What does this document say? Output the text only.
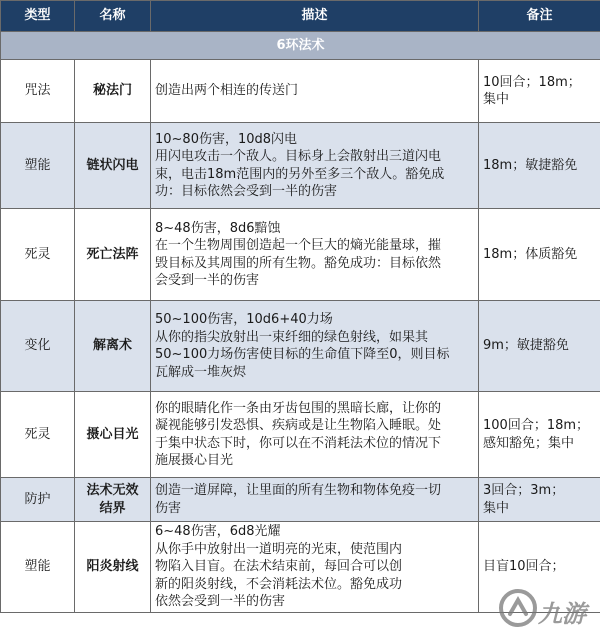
类型	名称	描述	备注
6环法术			
咒法	秘法门	创造出两个相连的传送门	10回合；18m；
集中

塑能	链状闪电	10~80伤害，10d8闪电
用闪电攻击一个敌人。目标身上会散射出三道闪电
束，电击18m范围内的另外至多三个敌人。豁免成
功：目标依然会受到一半的伤害	18m；敏捷豁免

死灵	死亡法阵	8~48伤害，8d6黯蚀
在一个生物周围创造起一个巨大的熵光能量球，摧
毁目标及其周围的所有生物。豁免成功：目标依然
会受到一半的伤害	18m；体质豁免

变化	解离术	50~100伤害，10d6+40力场
从你的指尖放射出一束纤细的绿色射线，如果其
50~100力场伤害使目标的生命值下降至0，则目标
瓦解成一堆灰烬	9m；敏捷豁免

死灵	摄心目光	你的眼睛化作一条由牙齿包围的黑暗长廊，让你的
凝视能够引发恐惧、疾病或是让生物陷入睡眠。处
于集中状态下时，你可以在不消耗法术位的情况下
施展摄心目光	100回合；18m；
感知豁免；集中

防护	法术无效
结界	创造一道屏障，让里面的所有生物和物体免疫一切
伤害	3回合；3m；
集中

塑能	阳炎射线	6~48伤害，6d8光耀
从你手中放射出一道明亮的光束，使范围内
物陷入目盲。在法术结束前，每回合可以创
新的阳炎射线，不会消耗法术位。豁免成功
依然会受到一半的伤害	目盲10回合；
九游
